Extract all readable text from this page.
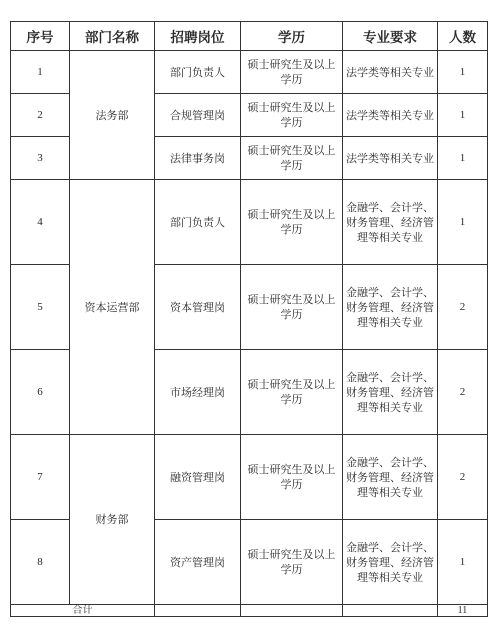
序号	部门名称	招聘岗位	学历	专业要求	人数
1	法务部	部门负责人	硕士研究生及以上学历	法学类等相关专业	1
2		合规管理岗	硕士研究生及以上学历	法学类等相关专业	1
3		法律事务岗	硕士研究生及以上学历	法学类等相关专业	1
4	资本运营部	部门负责人	硕士研究生及以上学历	金融学、会计学、财务管理、经济管理等相关专业	1
5		资本管理岗	硕士研究生及以上学历	金融学、会计学、财务管理、经济管理等相关专业	2
6		市场经理岗	硕士研究生及以上学历	金融学、会计学、财务管理、经济管理等相关专业	2
7	财务部	融资管理岗	硕士研究生及以上学历	金融学、会计学、财务管理、经济管理等相关专业	2
8		资产管理岗	硕士研究生及以上学历	金融学、会计学、财务管理、经济管理等相关专业	1
合计					11
